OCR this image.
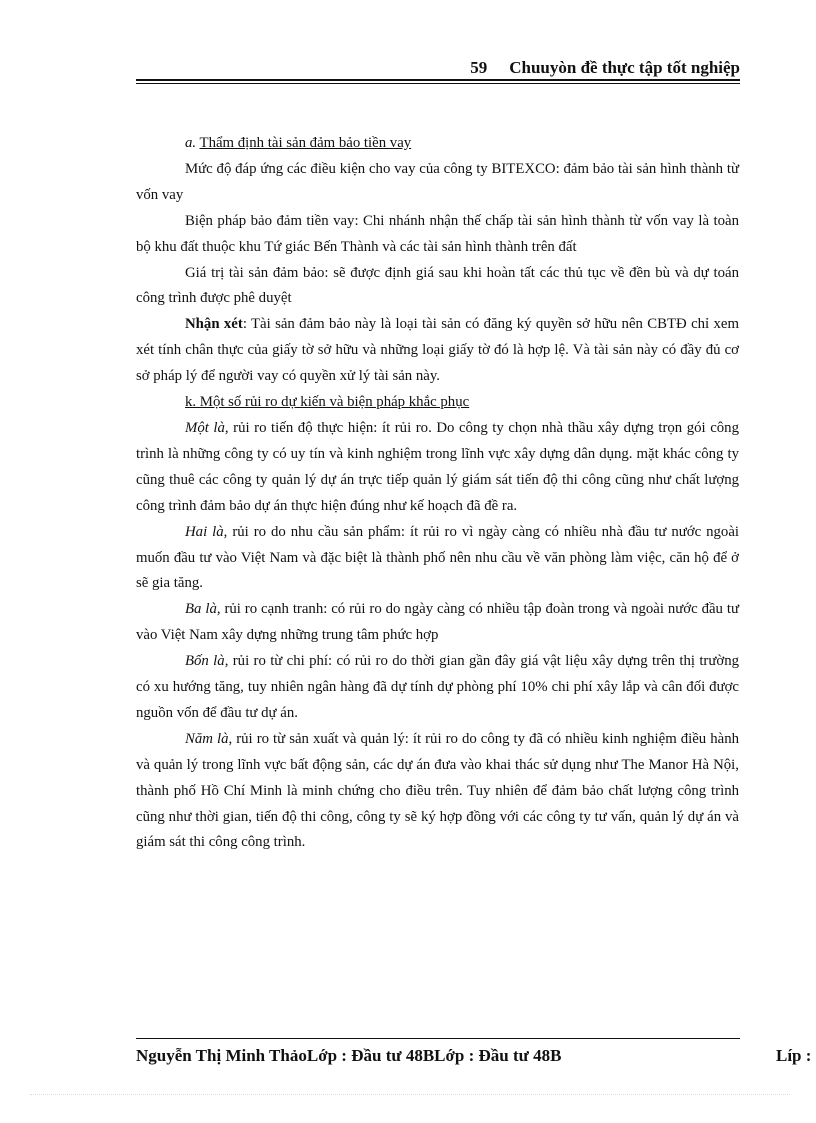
59 Chuuyòn đề thực tập tốt nghiệp

a. Thẩm định tài sản đảm bảo tiền vay

Mức độ đáp ứng các điều kiện cho vay của công ty BITEXCO: đảm bảo tài sản hình thành từ vốn vay

Biện pháp bảo đảm tiền vay: Chi nhánh nhận thế chấp tài sản hình thành từ vốn vay là toàn bộ khu đất thuộc khu Tứ giác Bến Thành và các tài sản hình thành trên đất

Giá trị tài sản đảm bảo: sẽ được định giá sau khi hoàn tất các thủ tục về đền bù và dự toán công trình được phê duyệt

Nhận xét: Tài sản đảm bảo này là loại tài sản có đăng ký quyền sở hữu nên CBTĐ chỉ xem xét tính chân thực của giấy tờ sở hữu và những loại giấy tờ đó là hợp lệ. Và tài sản này có đầy đủ cơ sở pháp lý để người vay có quyền xử lý tài sản này.

k. Một số rủi ro dự kiến và biện pháp khắc phục

Một là, rủi ro tiến độ thực hiện: ít rủi ro. Do công ty chọn nhà thầu xây dựng trọn gói công trình là những công ty có uy tín và kinh nghiệm trong lĩnh vực xây dựng dân dụng. mặt khác công ty cũng thuê các công ty quản lý dự án trực tiếp quản lý giám sát tiến độ thi công cũng như chất lượng công trình đảm bảo dự án thực hiện đúng như kế hoạch đã đề ra.

Hai là, rủi ro do nhu cầu sản phẩm: ít rủi ro vì ngày càng có nhiều nhà đầu tư nước ngoài muốn đầu tư vào Việt Nam và đặc biệt là thành phố nên nhu cầu về văn phòng làm việc, căn hộ để ở sẽ gia tăng.

Ba là, rủi ro cạnh tranh: có rủi ro do ngày càng có nhiều tập đoàn trong và ngoài nước đầu tư vào Việt Nam xây dựng những trung tâm phức hợp

Bốn là, rủi ro từ chi phí: có rủi ro do thời gian gần đây giá vật liệu xây dựng trên thị trường có xu hướng tăng, tuy nhiên ngân hàng đã dự tính dự phòng phí 10% chi phí xây lắp và cân đối được nguồn vốn để đầu tư dự án.

Năm là, rủi ro từ sản xuất và quản lý: ít rủi ro do công ty đã có nhiều kinh nghiệm điều hành và quản lý trong lĩnh vực bất động sản, các dự án đưa vào khai thác sử dụng như The Manor Hà Nội, thành phố Hồ Chí Minh là minh chứng cho điều trên. Tuy nhiên để đảm bảo chất lượng công trình cũng như thời gian, tiến độ thi công, công ty sẽ ký hợp đồng với các công ty tư vấn, quản lý dự án và giám sát thi công công trình.

Nguyễn Thị Minh ThảoLớp : Đầu tư 48BLớp : Đầu tư 48B	Líp :
